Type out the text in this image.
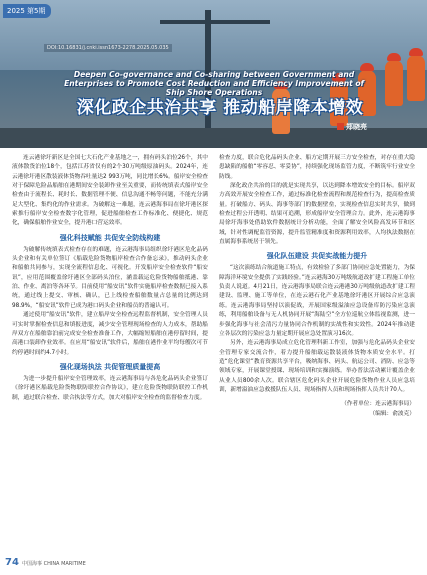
2025 第5期
DOI:10.16831/j.cnki.issn1673-2278.2025.05.035
Deepen Co-governance and Co-sharing between Government and Enterprises to Promote Cost Reduction and Efficiency Improvement of Ship Shore Operations
深化政企共治共享 推动船岸降本增效
郑晓亮

连云港徐圩新区是全国七大石化产业基地之一，拥有码头泊位26个，其中液体散货泊位18个，包括江苏省仅有的2个30万吨级原油码头。2024年，连云港徐圩港区散装液体货物吞吐量达2 993万吨，同比增长6%。船岸安全检查对于保障危险品船舶在港期间安全装卸作业至关重要，而传统填表式船岸安全检查由于流程长、耗时长、数据管理不便、信息沟通不畅等问题，不能充分满足大型化、集约化的作业需求。为破解这一难题，连云港海事局在徐圩港区探索推行船岸安全检查数字化管理，促进船舶检查工作标准化、便捷化、规范化，确保船舶作业安全，提升港口营运效率。

强化科技赋能 共促安全防线构建

为破解传统填表式检查存在的难题，连云港海事局组织徐圩港区危化品码头企业和有关单位签订《船载危险货物船岸检查合作备忘录》，推动码头企业和船舶共同参与，实现全流程信息化、可视化。开发船岸安全检查软件“船安讯”，应用范围覆盖徐圩港区全部码头泊位，涵盖载运危险货物船舶抵港、靠泊、作业、离泊等各环节。目前使用“船安讯”软件实施船岸检查数据已接入系统，通过线上提交、审核、确认，已上线检查船舶数量占总量的比例达到98.9%，“船安讯”软件已成为港口码头企业和船员的普遍认可。

通过使用“船安讯”软件，建立船岸安全检查远程监督机制，安全管理人员可实时掌握检查信息和填报进度，减少安全管理现场检查的人力成本，帮助船岸双方在船舶靠泊前完成安全检查准备工作，大幅缩短船舶在港停留时间，提高港口装卸作业效率。在应用“船安讯”软件后，船舶在港作业平均每艘次可节约停港时间约4.7小时。

强化现场执法 共促管理质量提高

为进一步提升船岸安全管理效率，连云港海事局与各危化品码头企业签订《徐圩港区船载危险货物联防联控合作协议》，建立危险货物联防联控工作机制，通过联合检查、联合执法等方式，加大对船岸安全检查的监督检查力度。

检查力度，联合危化品码头企业、船方定期开展三方安全检查，对存在重大隐患缺陷的船舶“零容忍、零妥协”，持续强化现场监管力度，不断筑牢行业安全防线。

深化政企共治的目的就是实现共享，以达到降本增效安全的目标。船岸双方高效开展安全检查工作，通过标准化检查流程和规范检查行为，提高检查质量。打破船方、码头、海事等部门的数据壁垒，实现检查信息实时共享，做到检查过程公开透明、结果可追溯，形成船岸安全管理合力。此外，连云港海事局徐圩海事处借助软件数据统计分析功能，全面了解安全风险高发环节和区域，针对性调配监管资源，提升监管精准度和资源利用效率，人均执法数据在直属海事系统居于领先。

强化队伍建设 共促实战能力提升

“这次演练结合航道施工特点，有效检验了多部门协同应急处置能力，为保障海洋环境安全提供了实践经验。”连云港海30万吨级航道改扩建工程施工单位负责人说道。4月21日，连云港海事局联合连云港港30万吨级航道改扩建工程建设、监理、施工等单位，在连云港石化产业基地徐圩港区开展综合应急演练。连云港海事局坚持以演促战，开展国家级溢油应急设备库防污染应急演练，利用船舶设备与无人机协同开展“海陆空”全方位巡航立体监视监测，进一步强化海事与社会清污力量协同合作机制的实战性和实效性。2024年推动建立各层次的污染应急力量定期开展应急处置演习16次。

另外，连云港海事局成立危化管理科新工作室，加强与危化品码头企业安全管理专家交流合作，着力提升船舶载运散装液体货物本质安全水平。打造“危化课堂”教育资源共享平台，吸纳海事、码头、航运公司、消防、应急等领域专家，开展课堂授课、现场培训和实操演练。举办普法活动累计覆盖企业从业人员800余人次。联合辖区危化码头企业开展危险货物作业人员应急培训，新增溢油应急救援队伍人员、现场指挥人员和现场指挥人员共计70人。

（作者单位：连云港海事局）
（编辑：俞波克）
74 中国海事 CHINA MARITIME
